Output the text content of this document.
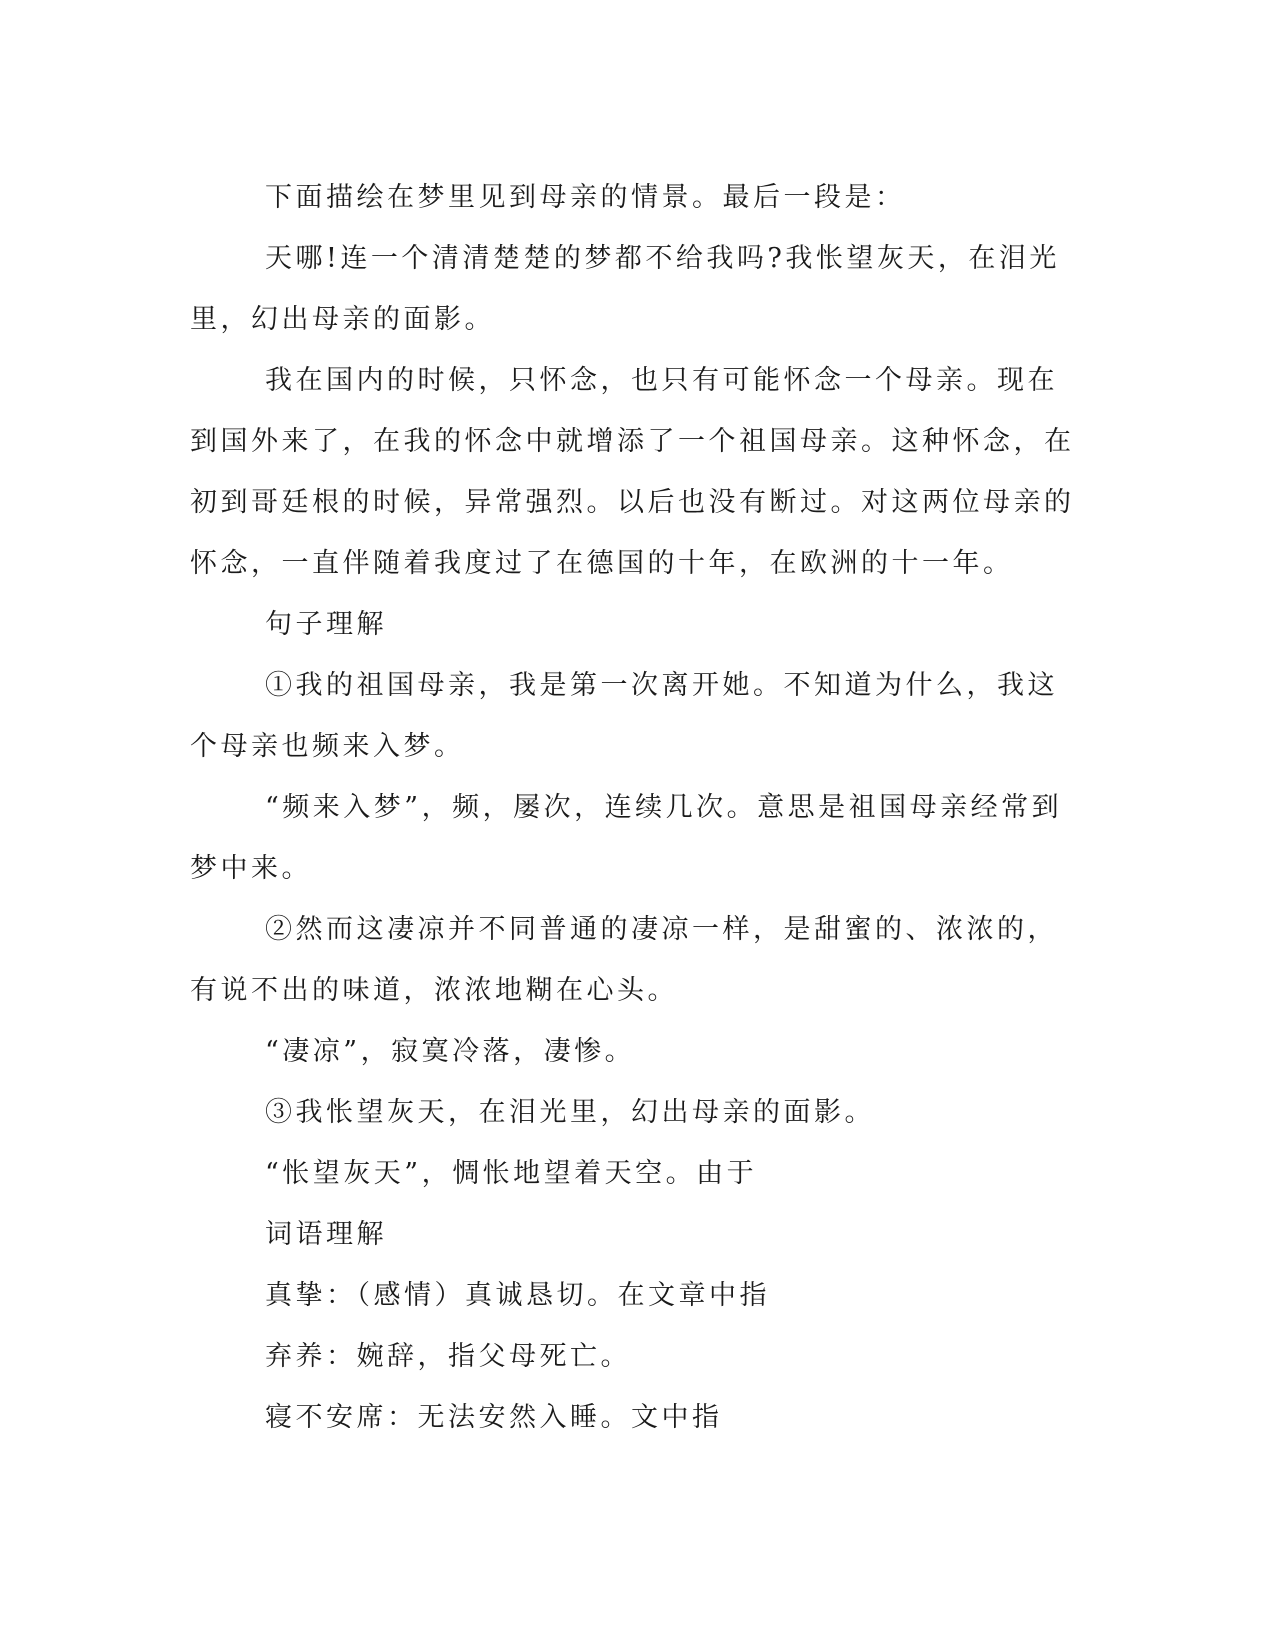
下面描绘在梦里见到母亲的情景。最后一段是：

天哪!连一个清清楚楚的梦都不给我吗?我怅望灰天，在泪光里，幻出母亲的面影。

我在国内的时候，只怀念，也只有可能怀念一个母亲。现在到国外来了，在我的怀念中就增添了一个祖国母亲。这种怀念，在初到哥廷根的时候，异常强烈。以后也没有断过。对这两位母亲的怀念，一直伴随着我度过了在德国的十年，在欧洲的十一年。

句子理解

①我的祖国母亲，我是第一次离开她。不知道为什么，我这个母亲也频来入梦。

“频来入梦”，频，屡次，连续几次。意思是祖国母亲经常到梦中来。

②然而这凄凉并不同普通的凄凉一样，是甜蜜的、浓浓的，有说不出的味道，浓浓地糊在心头。

“凄凉”，寂寞冷落，凄惨。

③我怅望灰天，在泪光里，幻出母亲的面影。

“怅望灰天”，惆怅地望着天空。由于

词语理解

真挚：（感情）真诚恳切。在文章中指

弃养：婉辞，指父母死亡。

寝不安席：无法安然入睡。文中指
